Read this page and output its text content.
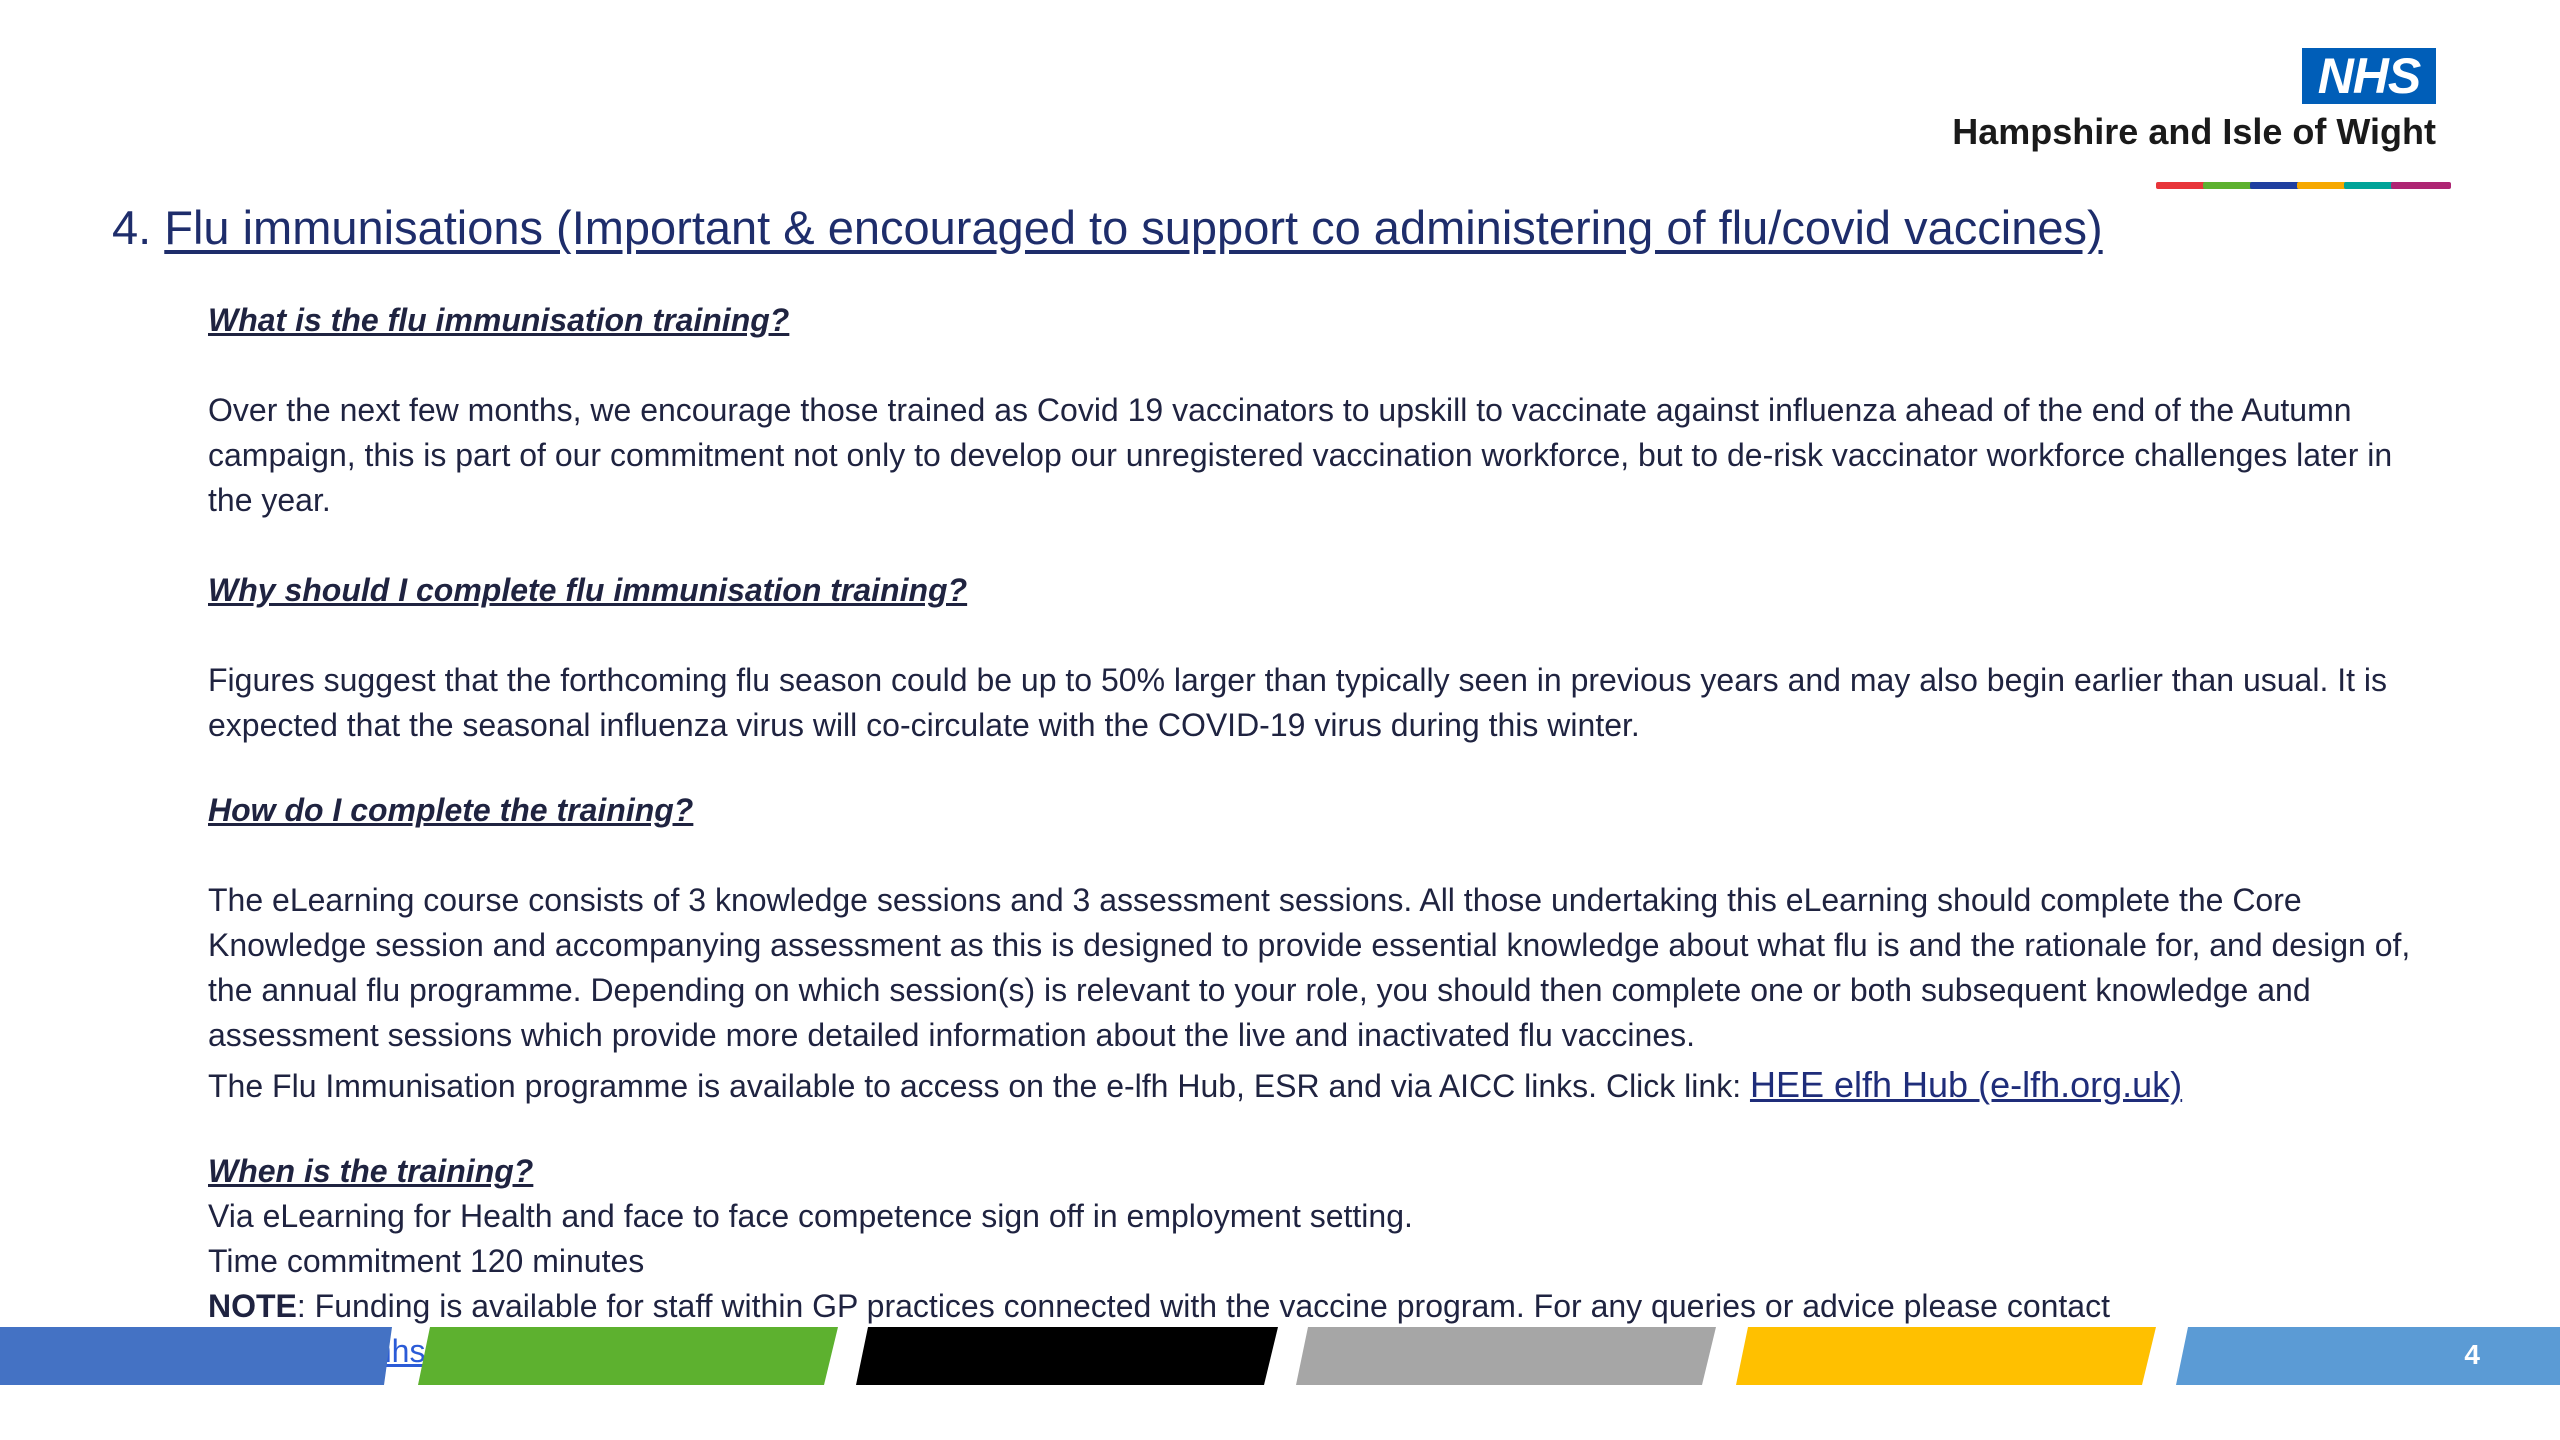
NHS
Hampshire and Isle of Wight
4. Flu immunisations (Important & encouraged to support co administering of flu/covid vaccines)

What is the flu immunisation training?

Over the next few months, we encourage those trained as Covid 19 vaccinators to upskill to vaccinate against influenza ahead of the end of the Autumn campaign, this is part of our commitment not only to develop our unregistered vaccination workforce, but to de-risk vaccinator workforce challenges later in the year.

Why should I complete flu immunisation training?

Figures suggest that the forthcoming flu season could be up to 50% larger than typically seen in previous years and may also begin earlier than usual. It is expected that the seasonal influenza virus will co-circulate with the COVID-19 virus during this winter.

How do I complete the training?

The eLearning course consists of 3 knowledge sessions and 3 assessment sessions. All those undertaking this eLearning should complete the Core Knowledge session and accompanying assessment as this is designed to provide essential knowledge about what flu is and the rationale for, and design of, the annual flu programme. Depending on which session(s) is relevant to your role, you should then complete one or both subsequent knowledge and assessment sessions which provide more detailed information about the live and inactivated flu vaccines.

The Flu Immunisation programme is available to access on the e-lfh Hub, ESR and via AICC links. Click link: HEE elfh Hub (e-lfh.org.uk)

When is the training?

Via eLearning for Health and face to face competence sign off in employment setting.

Time commitment 120 minutes

NOTE: Funding is available for staff within GP practices connected with the vaccine program. For any queries or advice please contact

4
